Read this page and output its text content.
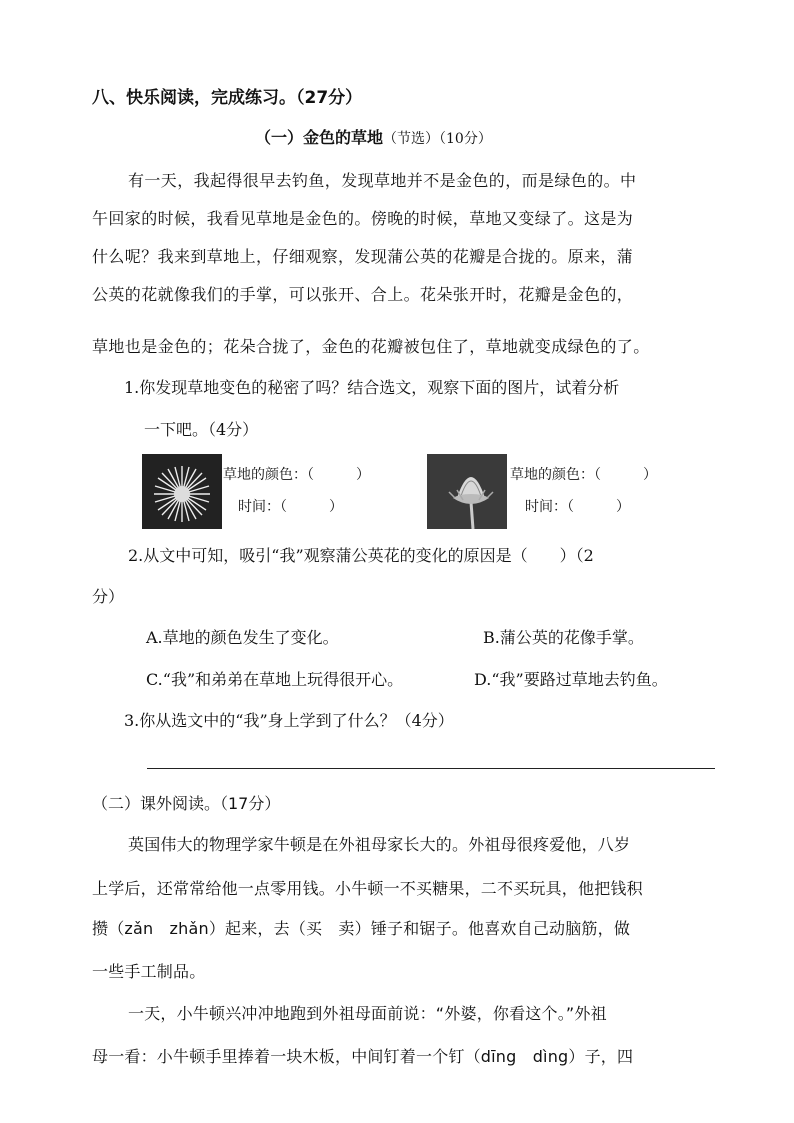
八、快乐阅读，完成练习。（27分）
（一）金色的草地（节选）（10分）
有一天，我起得很早去钓鱼，发现草地并不是金色的，而是绿色的。中
午回家的时候，我看见草地是金色的。傍晚的时候，草地又变绿了。这是为
什么呢？我来到草地上，仔细观察，发现蒲公英的花瓣是合拢的。原来，蒲
公英的花就像我们的手掌，可以张开、合上。花朵张开时，花瓣是金色的，
草地也是金色的；花朵合拢了，金色的花瓣被包住了，草地就变成绿色的了。
1.你发现草地变色的秘密了吗？结合选文，观察下面的图片，试着分析
一下吧。（4分）
草地的颜色：（　　　）
时间：（　　　）
草地的颜色：（　　　）
时间：（　　　）
2.从文中可知，吸引“我”观察蒲公英花的变化的原因是（　　）（2
分）
A.草地的颜色发生了变化。	B.蒲公英的花像手掌。
C.“我”和弟弟在草地上玩得很开心。	D.“我”要路过草地去钓鱼。
3.你从选文中的“我”身上学到了什么？（4分）
（二）课外阅读。（17分）
英国伟大的物理学家牛顿是在外祖母家长大的。外祖母很疼爱他，八岁
上学后，还常常给他一点零用钱。小牛顿一不买糖果，二不买玩具，他把钱积
攒（zǎn　zhǎn）起来，去（买　卖）锤子和锯子。他喜欢自己动脑筋，做
一些手工制品。
一天，小牛顿兴冲冲地跑到外祖母面前说：“外婆，你看这个。”外祖
母一看：小牛顿手里捧着一块木板，中间钉着一个钉（dīng　dìng）子，四
